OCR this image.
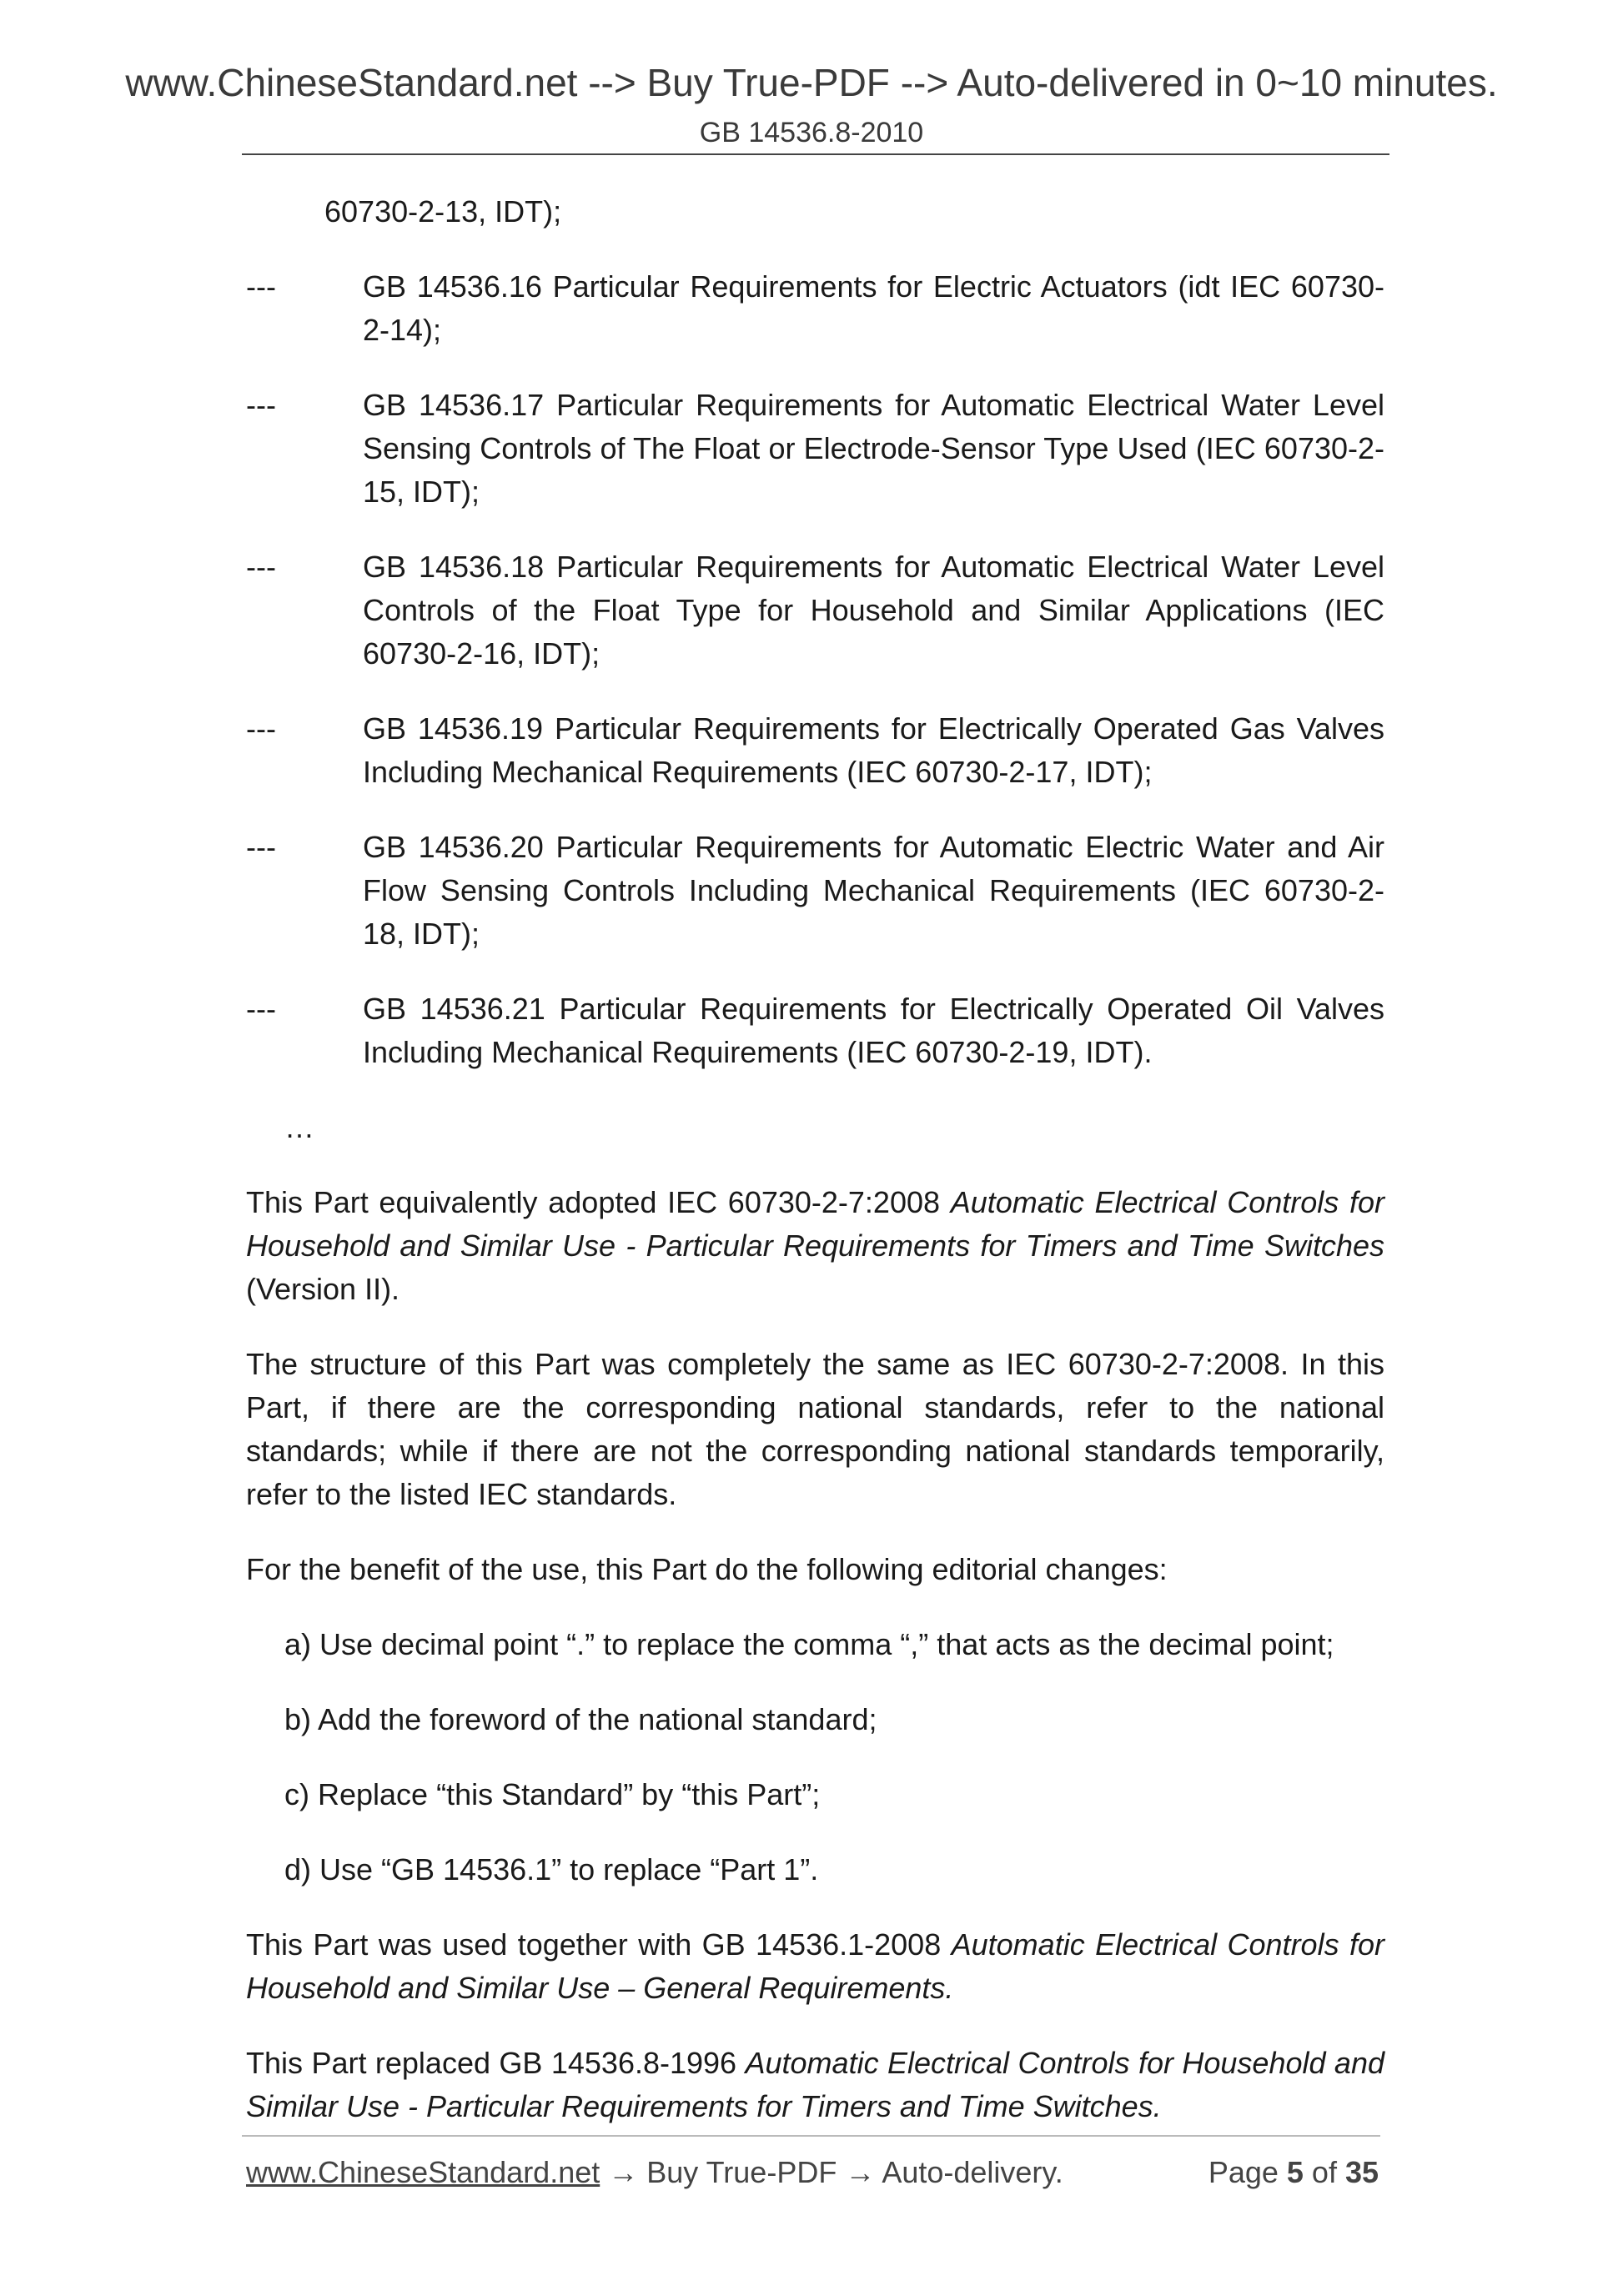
www.ChineseStandard.net --> Buy True-PDF --> Auto-delivered in 0~10 minutes.
GB 14536.8-2010
60730-2-13, IDT);
---	GB 14536.16 Particular Requirements for Electric Actuators (idt IEC 60730-2-14);
---	GB 14536.17 Particular Requirements for Automatic Electrical Water Level Sensing Controls of The Float or Electrode-Sensor Type Used (IEC 60730-2-15, IDT);
---	GB 14536.18 Particular Requirements for Automatic Electrical Water Level Controls of the Float Type for Household and Similar Applications (IEC 60730-2-16, IDT);
---	GB 14536.19 Particular Requirements for Electrically Operated Gas Valves Including Mechanical Requirements (IEC 60730-2-17, IDT);
---	GB 14536.20 Particular Requirements for Automatic Electric Water and Air Flow Sensing Controls Including Mechanical Requirements (IEC 60730-2-18, IDT);
---	GB 14536.21 Particular Requirements for Electrically Operated Oil Valves Including Mechanical Requirements (IEC 60730-2-19, IDT).
…

This Part equivalently adopted IEC 60730-2-7:2008 Automatic Electrical Controls for Household and Similar Use - Particular Requirements for Timers and Time Switches (Version II).

The structure of this Part was completely the same as IEC 60730-2-7:2008. In this Part, if there are the corresponding national standards, refer to the national standards; while if there are not the corresponding national standards temporarily, refer to the listed IEC standards.

For the benefit of the use, this Part do the following editorial changes:

a) Use decimal point “.” to replace the comma “,” that acts as the decimal point;
b) Add the foreword of the national standard;
c) Replace “this Standard” by “this Part”;
d) Use “GB 14536.1” to replace “Part 1”.

This Part was used together with GB 14536.1-2008 Automatic Electrical Controls for Household and Similar Use – General Requirements.

This Part replaced GB 14536.8-1996 Automatic Electrical Controls for Household and Similar Use - Particular Requirements for Timers and Time Switches.

www.ChineseStandard.net → Buy True-PDF → Auto-delivery.	Page 5 of 35
